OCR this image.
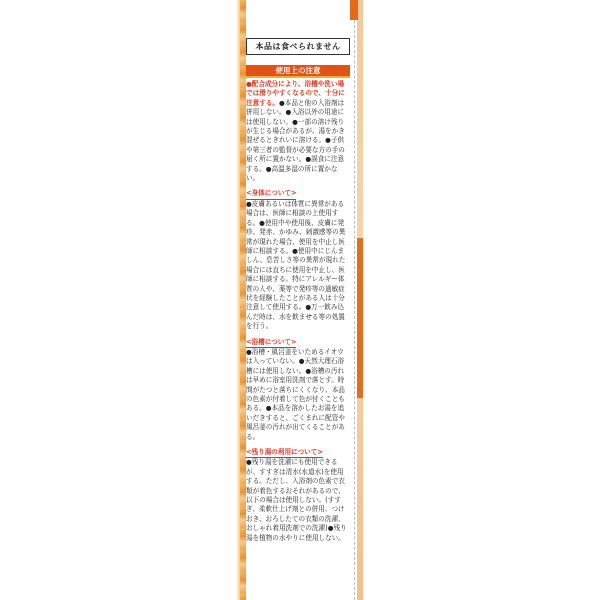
本品は食べられません
使用上の注意

●配合成分により、浴槽や洗い場では滑りやすくなるので、十分に注意する。●本品と他の入浴剤は併用しない。●入浴以外の用途には使用しない。●一部の溶け残りが生じる場合があるが、湯をかき混ぜるときれいに溶ける。●子供や第三者の監督が必要な方の手の届く所に置かない。●誤食に注意する。●高温多湿の所に置かない。

<身体について>

●皮膚あるいは体質に異常がある場合は、医師に相談の上使用する。●使用中や使用後、皮膚に発疹、発赤、かゆみ、刺激感等の異常が現れた場合、使用を中止し医師に相談する。●使用中にじんましん、息苦しさ等の異常が現れた場合には直ちに使用を中止し、医師に相談する。特にアレルギー体質の人や、薬等で発疹等の過敏症状を経験したことがある人は十分注意して使用する。●万一飲み込んだ時は、水を飲ませる等の処置を行う。

<浴槽について>

●浴槽・風呂釜をいためるイオウは入っていない。●天然大理石浴槽には使用しない。●浴槽の汚れは早めに浴室用洗剤で落とす。時間がたつと落ちにくくなり、本品の色素が付着して色が付くこともある。●本品を溶かしたお湯を追いだきすると、ごくまれに配管や風呂釜の汚れが出てくることがある。

<残り湯の利用について>

●残り湯を洗濯にも使用できるが、すすぎは清水(水道水)を使用する。ただし、入浴剤の色素で衣類が着色するおそれがあるので、以下の場合は使用しない。(すすぎ、柔軟仕上げ剤との併用、つけおき、おろしたての衣類の洗濯、おしゃれ着用洗剤での洗濯)●残り湯を植物の水やりに使用しない。
